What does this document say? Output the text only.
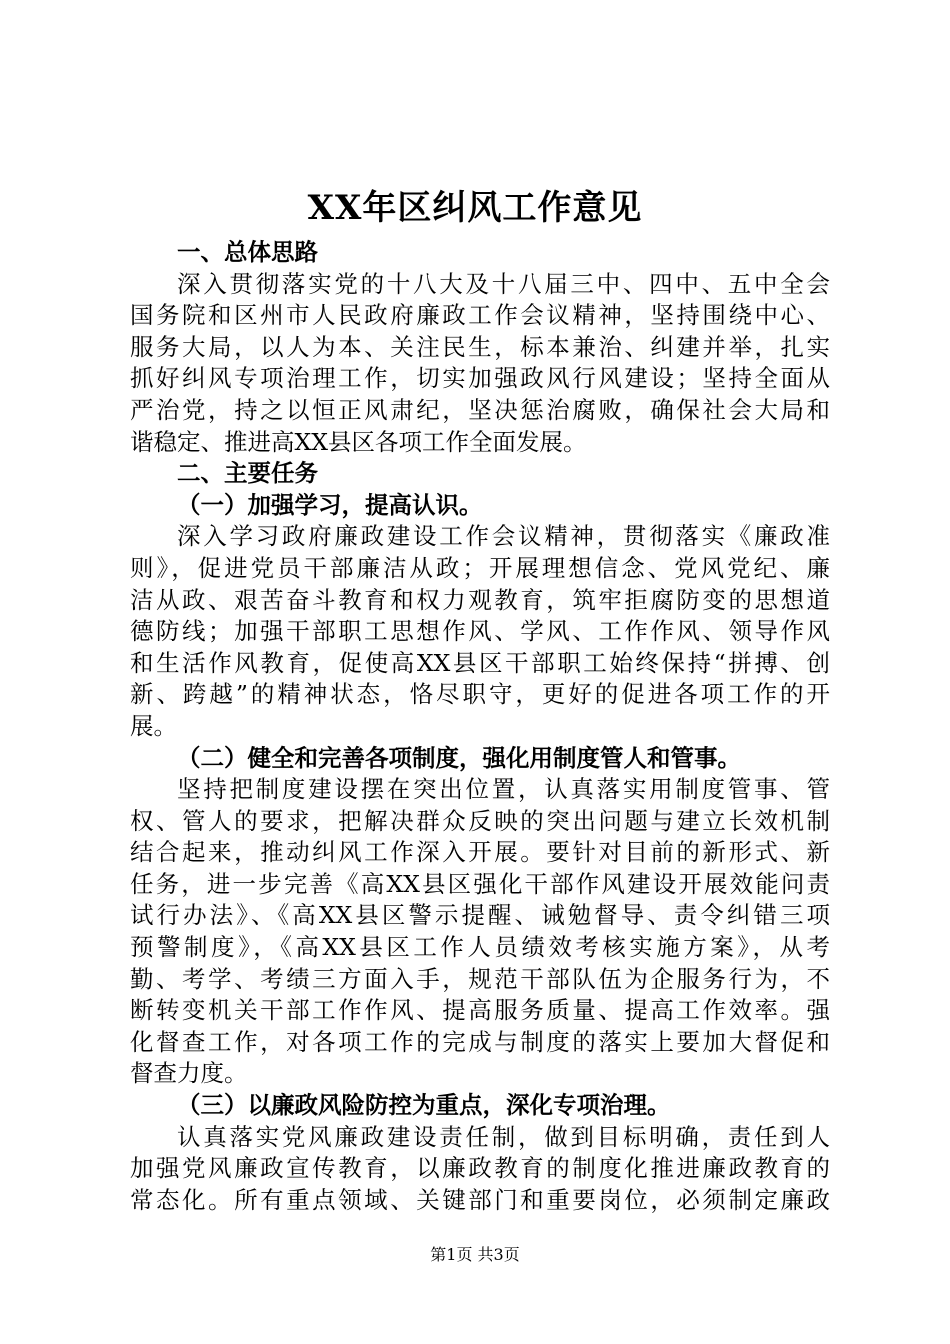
XX年区纠风工作意见
一、总体思路
深入贯彻落实党的十八大及十八届三中、四中、五中全会
国务院和区州市人民政府廉政工作会议精神，坚持围绕中心、
服务大局，以人为本、关注民生，标本兼治、纠建并举，扎实
抓好纠风专项治理工作，切实加强政风行风建设；坚持全面从
严治党，持之以恒正风肃纪，坚决惩治腐败，确保社会大局和
谐稳定、推进高XX县区各项工作全面发展。
二、主要任务
（一）加强学习，提高认识。
深入学习政府廉政建设工作会议精神，贯彻落实《廉政准
则》，促进党员干部廉洁从政；开展理想信念、党风党纪、廉
洁从政、艰苦奋斗教育和权力观教育，筑牢拒腐防变的思想道
德防线；加强干部职工思想作风、学风、工作作风、领导作风
和生活作风教育，促使高XX县区干部职工始终保持“拼搏、创
新、跨越”的精神状态，恪尽职守，更好的促进各项工作的开
展。
（二）健全和完善各项制度，强化用制度管人和管事。
坚持把制度建设摆在突出位置，认真落实用制度管事、管
权、管人的要求，把解决群众反映的突出问题与建立长效机制
结合起来，推动纠风工作深入开展。要针对目前的新形式、新
任务，进一步完善《高XX县区强化干部作风建设开展效能问责
试行办法》、《高XX县区警示提醒、诫勉督导、责令纠错三项
预警制度》，《高XX县区工作人员绩效考核实施方案》，从考
勤、考学、考绩三方面入手，规范干部队伍为企服务行为，不
断转变机关干部工作作风、提高服务质量、提高工作效率。强
化督查工作，对各项工作的完成与制度的落实上要加大督促和
督查力度。
（三）以廉政风险防控为重点，深化专项治理。
认真落实党风廉政建设责任制，做到目标明确，责任到人
加强党风廉政宣传教育，以廉政教育的制度化推进廉政教育的
常态化。所有重点领域、关键部门和重要岗位，必须制定廉政
第1页 共3页
